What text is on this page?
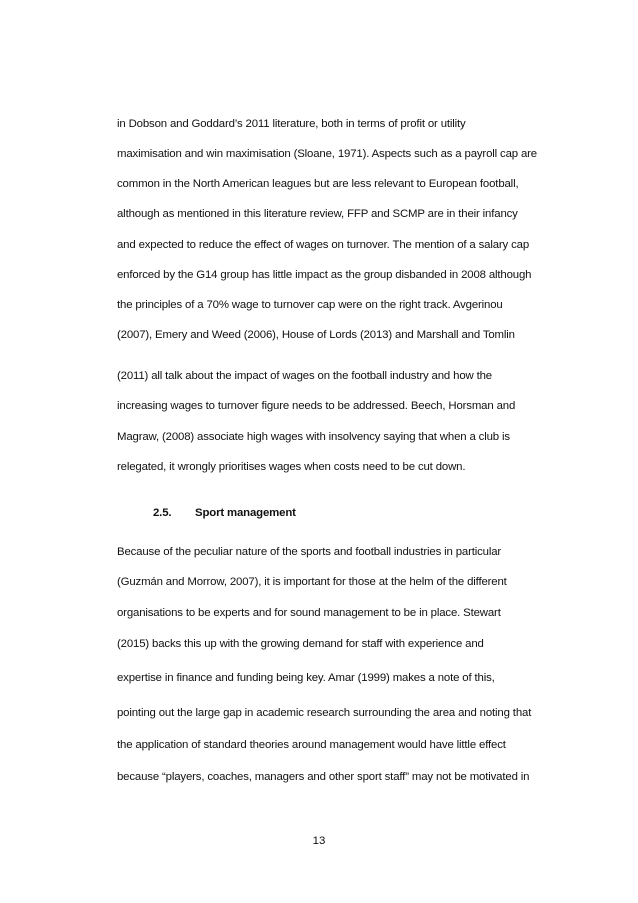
in Dobson and Goddard’s 2011 literature, both in terms of profit or utility
maximisation and win maximisation (Sloane, 1971). Aspects such as a payroll cap are
common in the North American leagues but are less relevant to European football,
although as mentioned in this literature review, FFP and SCMP are in their infancy
and expected to reduce the effect of wages on turnover. The mention of a salary cap
enforced by the G14 group has little impact as the group disbanded in 2008 although
the principles of a 70% wage to turnover cap were on the right track. Avgerinou
(2007), Emery and Weed (2006), House of Lords (2013) and Marshall and Tomlin
(2011) all talk about the impact of wages on the football industry and how the
increasing wages to turnover figure needs to be addressed. Beech, Horsman and
Magraw, (2008) associate high wages with insolvency saying that when a club is
relegated, it wrongly prioritises wages when costs need to be cut down.
2.5. Sport management
Because of the peculiar nature of the sports and football industries in particular
(Guzmán and Morrow, 2007), it is important for those at the helm of the different
organisations to be experts and for sound management to be in place. Stewart
(2015) backs this up with the growing demand for staff with experience and
expertise in finance and funding being key. Amar (1999) makes a note of this,
pointing out the large gap in academic research surrounding the area and noting that
the application of standard theories around management would have little effect
because “players, coaches, managers and other sport staff” may not be motivated in
13
